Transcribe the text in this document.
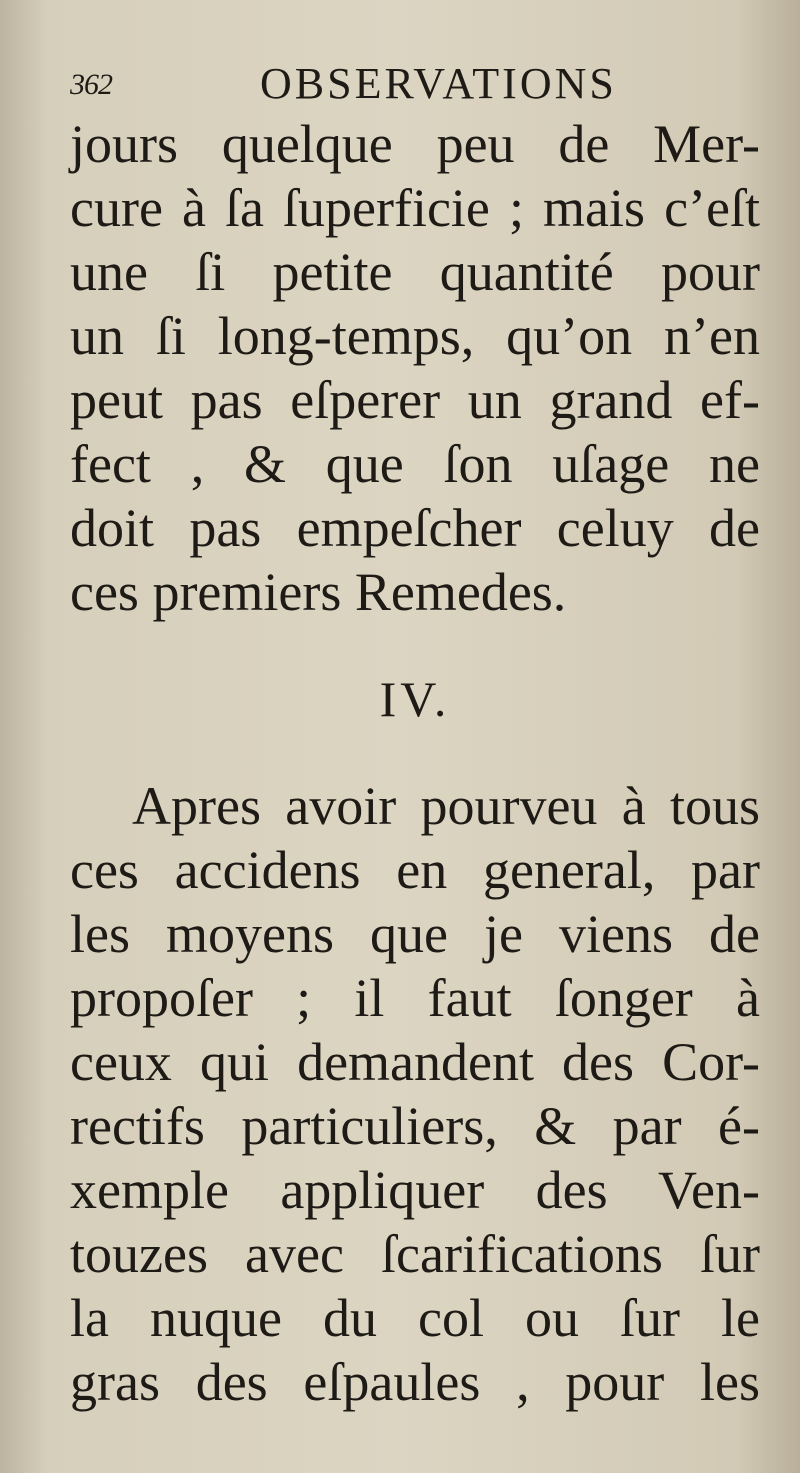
362	OBSERVATIONS
jours quelque peu de Mer-
cure à ſa ſuperficie ; mais c’eſt
une ſi petite quantité pour
un ſi long-temps, qu’on n’en
peut pas eſperer un grand ef-
fect , & que ſon uſage ne
doit pas empeſcher celuy de
ces premiers Remedes.
IV.
Apres avoir pourveu à tous
ces accidens en general, par
les moyens que je viens de
propoſer ; il faut ſonger à
ceux qui demandent des Cor-
rectifs particuliers, & par é-
xemple appliquer des Ven-
touzes avec ſcarifications ſur
la nuque du col ou ſur le
gras des eſpaules , pour les
